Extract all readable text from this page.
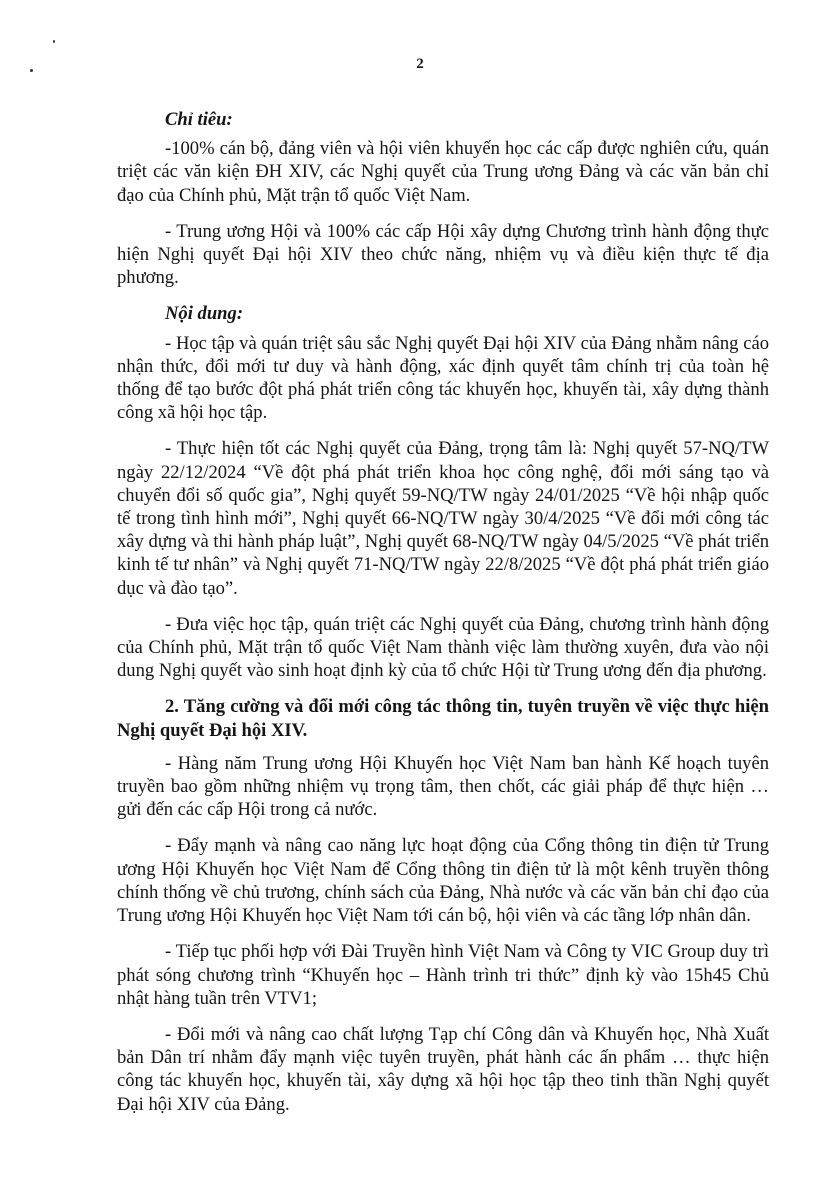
2

Chỉ tiêu:

-100% cán bộ, đảng viên và hội viên khuyến học các cấp được nghiên cứu, quán triệt các văn kiện ĐH XIV, các Nghị quyết của Trung ương Đảng và các văn bản chỉ đạo của Chính phủ, Mặt trận tổ quốc Việt Nam.

- Trung ương Hội và 100% các cấp Hội xây dựng Chương trình hành động thực hiện Nghị quyết Đại hội XIV theo chức năng, nhiệm vụ và điều kiện thực tế địa phương.

Nội dung:

- Học tập và quán triệt sâu sắc Nghị quyết Đại hội XIV của Đảng nhằm nâng cáo nhận thức, đổi mới tư duy và hành động, xác định quyết tâm chính trị của toàn hệ thống để tạo bước đột phá phát triển công tác khuyến học, khuyến tài, xây dựng thành công xã hội học tập.

- Thực hiện tốt các Nghị quyết của Đảng, trọng tâm là: Nghị quyết 57-NQ/TW ngày 22/12/2024 “Về đột phá phát triển khoa học công nghệ, đổi mới sáng tạo và chuyển đổi số quốc gia”, Nghị quyết 59-NQ/TW ngày 24/01/2025 “Về hội nhập quốc tế trong tình hình mới”, Nghị quyết 66-NQ/TW ngày 30/4/2025 “Về đổi mới công tác xây dựng và thi hành pháp luật”, Nghị quyết 68-NQ/TW ngày 04/5/2025 “Về phát triển kinh tế tư nhân” và Nghị quyết 71-NQ/TW ngày 22/8/2025 “Về đột phá phát triển giáo dục và đào tạo”.

- Đưa việc học tập, quán triệt các Nghị quyết của Đảng, chương trình hành động của Chính phủ, Mặt trận tổ quốc Việt Nam thành việc làm thường xuyên, đưa vào nội dung Nghị quyết vào sinh hoạt định kỳ của tổ chức Hội từ Trung ương đến địa phương.

2. Tăng cường và đổi mới công tác thông tin, tuyên truyền về việc thực hiện Nghị quyết Đại hội XIV.

- Hàng năm Trung ương Hội Khuyến học Việt Nam ban hành Kế hoạch tuyên truyền bao gồm những nhiệm vụ trọng tâm, then chốt, các giải pháp để thực hiện … gửi đến các cấp Hội trong cả nước.

- Đẩy mạnh và nâng cao năng lực hoạt động của Cổng thông tin điện tử Trung ương Hội Khuyến học Việt Nam để Cổng thông tin điện tử là một kênh truyền thông chính thống về chủ trương, chính sách của Đảng, Nhà nước và các văn bản chỉ đạo của Trung ương Hội Khuyến học Việt Nam tới cán bộ, hội viên và các tầng lớp nhân dân.

- Tiếp tục phối hợp với Đài Truyền hình Việt Nam và Công ty VIC Group duy trì phát sóng chương trình “Khuyến học – Hành trình tri thức” định kỳ vào 15h45 Chủ nhật hàng tuần trên VTV1;

- Đổi mới và nâng cao chất lượng Tạp chí Công dân và Khuyến học, Nhà Xuất bản Dân trí nhằm đẩy mạnh việc tuyên truyền, phát hành các ấn phẩm … thực hiện công tác khuyến học, khuyến tài, xây dựng xã hội học tập theo tinh thần Nghị quyết Đại hội XIV của Đảng.
